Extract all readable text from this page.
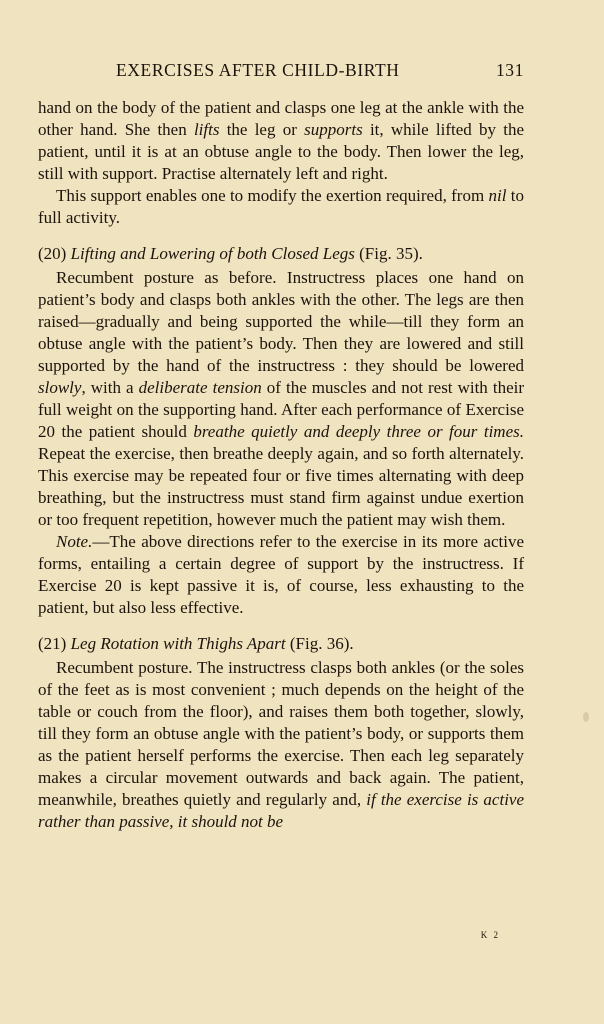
EXERCISES AFTER CHILD-BIRTH	131

hand on the body of the patient and clasps one leg at the ankle with the other hand. She then lifts the leg or supports it, while lifted by the patient, until it is at an obtuse angle to the body. Then lower the leg, still with support. Practise alternately left and right.

This support enables one to modify the exertion required, from nil to full activity.

(20) Lifting and Lowering of both Closed Legs (Fig. 35).

Recumbent posture as before. Instructress places one hand on patient’s body and clasps both ankles with the other. The legs are then raised—gradually and being supported the while—till they form an obtuse angle with the patient’s body. Then they are lowered and still supported by the hand of the instructress : they should be lowered slowly, with a deliberate tension of the muscles and not rest with their full weight on the supporting hand. After each performance of Exercise 20 the patient should breathe quietly and deeply three or four times. Repeat the exercise, then breathe deeply again, and so forth alternately. This exercise may be repeated four or five times alternating with deep breathing, but the instructress must stand firm against undue exertion or too frequent repetition, however much the patient may wish them.

Note.—The above directions refer to the exercise in its more active forms, entailing a certain degree of support by the instructress. If Exercise 20 is kept passive it is, of course, less exhausting to the patient, but also less effective.

(21) Leg Rotation with Thighs Apart (Fig. 36).

Recumbent posture. The instructress clasps both ankles (or the soles of the feet as is most convenient ; much depends on the height of the table or couch from the floor), and raises them both together, slowly, till they form an obtuse angle with the patient’s body, or supports them as the patient herself performs the exercise. Then each leg separately makes a circular movement outwards and back again. The patient, meanwhile, breathes quietly and regularly and, if the exercise is active rather than passive, it should not be

K 2
